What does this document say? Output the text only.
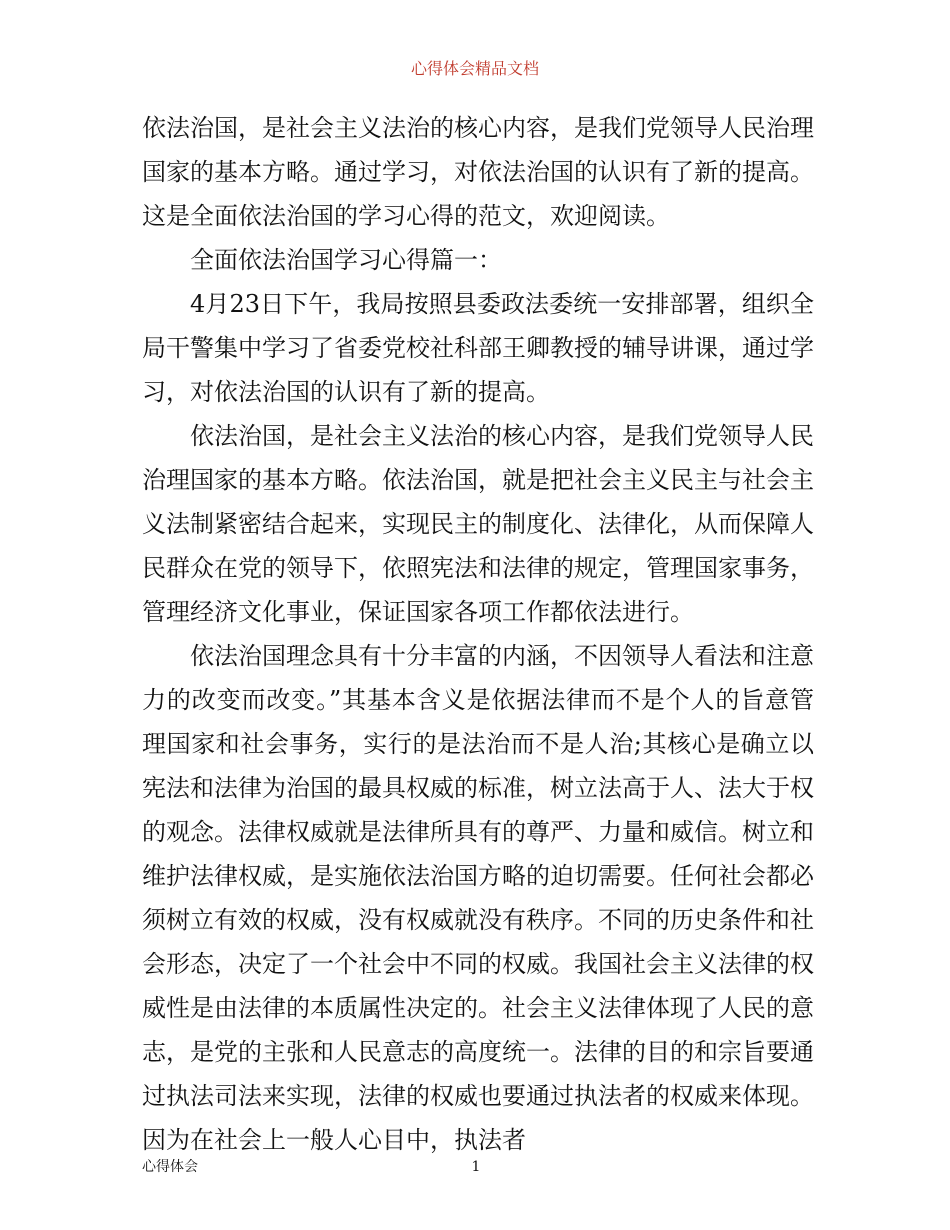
心得体会精品文档

依法治国，是社会主义法治的核心内容，是我们党领导人民治理国家的基本方略。通过学习，对依法治国的认识有了新的提高。这是全面依法治国的学习心得的范文，欢迎阅读。

全面依法治国学习心得篇一：

4月23日下午，我局按照县委政法委统一安排部署，组织全局干警集中学习了省委党校社科部王卿教授的辅导讲课，通过学习，对依法治国的认识有了新的提高。

依法治国，是社会主义法治的核心内容，是我们党领导人民治理国家的基本方略。依法治国，就是把社会主义民主与社会主义法制紧密结合起来，实现民主的制度化、法律化，从而保障人民群众在党的领导下，依照宪法和法律的规定，管理国家事务，管理经济文化事业，保证国家各项工作都依法进行。

依法治国理念具有十分丰富的内涵，不因领导人看法和注意力的改变而改变。”其基本含义是依据法律而不是个人的旨意管理国家和社会事务，实行的是法治而不是人治;其核心是确立以宪法和法律为治国的最具权威的标准，树立法高于人、法大于权的观念。法律权威就是法律所具有的尊严、力量和威信。树立和维护法律权威，是实施依法治国方略的迫切需要。任何社会都必须树立有效的权威，没有权威就没有秩序。不同的历史条件和社会形态，决定了一个社会中不同的权威。我国社会主义法律的权威性是由法律的本质属性决定的。社会主义法律体现了人民的意志，是党的主张和人民意志的高度统一。法律的目的和宗旨要通过执法司法来实现，法律的权威也要通过执法者的权威来体现。因为在社会上一般人心目中，执法者

心得体会	1
